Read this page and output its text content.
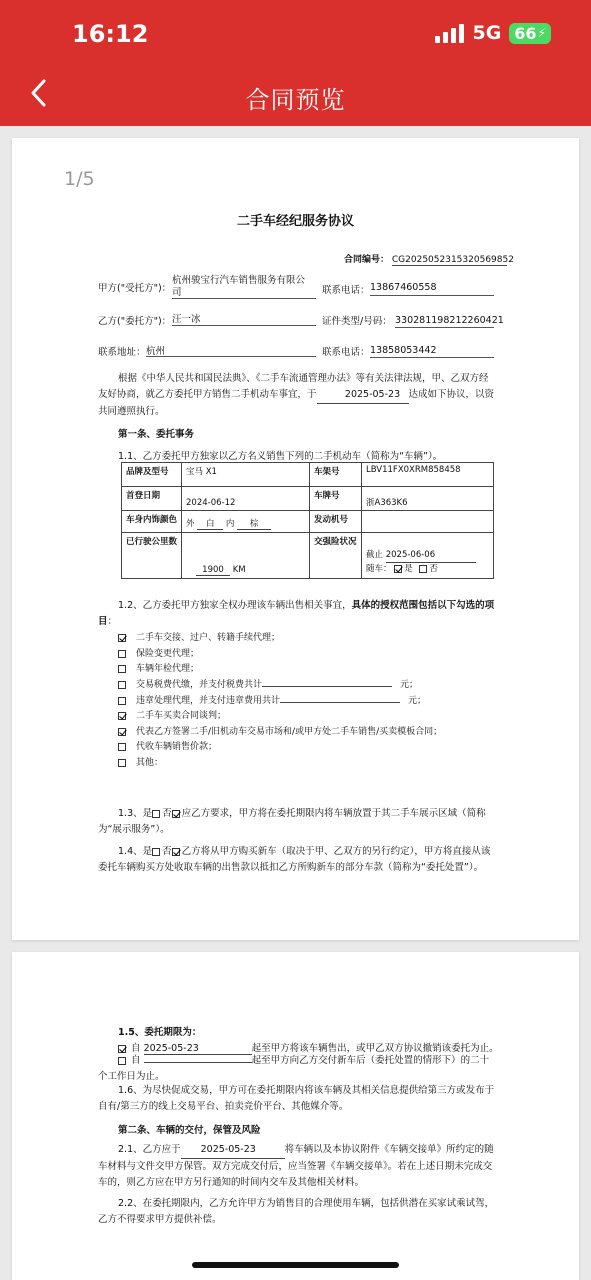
16:12	5G 66 ⚡
合同预览
1/5
二手车经纪服务协议
合同编号： CG2025052315320569852
甲方("受托方")：
杭州骏宝行汽车销售服务有限公司	联系电话： 13867460558
乙方("委托方")： 汪一冰	证件类型/号码： 330281198212260421
联系地址： 杭州	联系电话： 13858053442
根据《中华人民共和国民法典》、《二手车流通管理办法》等有关法律法规，甲、乙双方经友好协商，就乙方委托甲方销售二手机动车事宜，于	2025-05-23 达成如下协议，以资共同遵照执行。
第一条、委托事务
1.1、乙方委托甲方独家以乙方名义销售下列的二手机动车（简称为“车辆”）。
品牌及型号	宝马 X1	车架号	LBV11FX0XRM858458
首登日期	2024-06-12	车牌号	浙A363K6
车身内饰颜色	外 白 内 棕	发动机号	
已行驶公里数	1900 KM	交强险状况	截止 2025-06-06
随车： 是 否
1.2、乙方委托甲方独家全权办理该车辆出售相关事宜，具体的授权范围包括以下勾选的项目：
二手车交接、过户、转籍手续代理；
保险变更代理；
车辆年检代理；
交易税费代缴，并支付税费共计	元；
违章处理代理，并支付违章费用共计	元；
二手车买卖合同谈判；
代表乙方签署二手/旧机动车交易市场和/或甲方处二手车销售/买卖模板合同；
代收车辆销售价款；
其他：
1.3、是 否 应乙方要求，甲方将在委托期限内将车辆放置于其二手车展示区域（简称为“展示服务”）。
1.4、是 否 乙方将从甲方购买新车（取决于甲、乙双方的另行约定），甲方将直接从该委托车辆购买方处收取车辆的出售款以抵扣乙方所购新车的部分车款（简称为“委托处置”）。
1.5、委托期限为：
自 2025-05-23	起至甲方将该车辆售出，或甲乙双方协议撤销该委托为止。
自	起至甲方向乙方交付新车后（委托处置的情形下）的二十个工作日为止。
1.6、为尽快促成交易，甲方可在委托期限内将该车辆及其相关信息提供给第三方或发布于自有/第三方的线上交易平台、拍卖竞价平台、其他媒介等。
第二条、车辆的交付，保管及风险
2.1、乙方应于 2025-05-23	将车辆以及本协议附件《车辆交接单》所约定的随车材料与文件交甲方保管。双方完成交付后，应当签署《车辆交接单》。若在上述日期未完成交车的，则乙方应在甲方另行通知的时间内交车及其他相关材料。
2.2、在委托期限内，乙方允许甲方为销售目的合理使用车辆，包括供潜在买家试乘试驾，乙方不得要求甲方提供补偿。
